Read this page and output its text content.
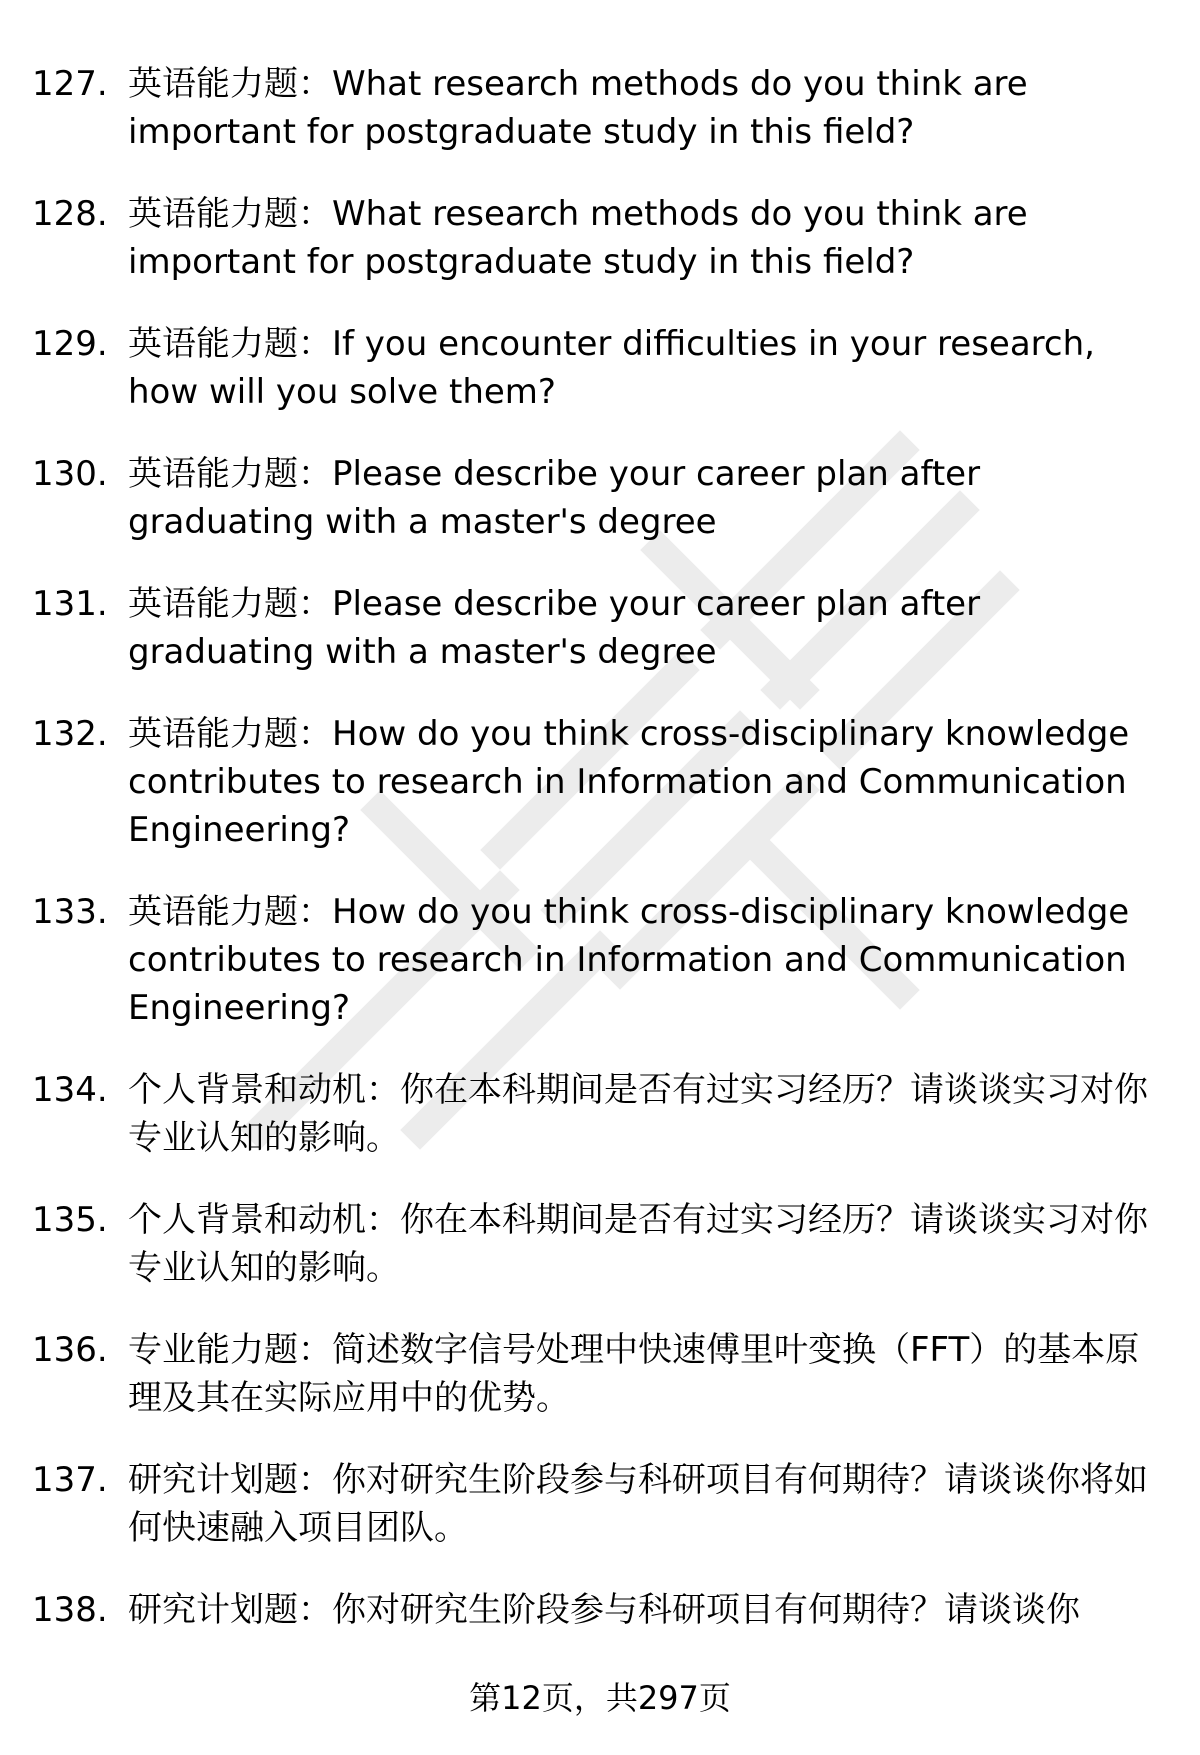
127. 英语能力题：What research methods do you think are important for postgraduate study in this field?
128. 英语能力题：What research methods do you think are important for postgraduate study in this field?
129. 英语能力题：If you encounter difficulties in your research, how will you solve them?
130. 英语能力题：Please describe your career plan after graduating with a master's degree
131. 英语能力题：Please describe your career plan after graduating with a master's degree
132. 英语能力题：How do you think cross-disciplinary knowledge contributes to research in Information and Communication Engineering?
133. 英语能力题：How do you think cross-disciplinary knowledge contributes to research in Information and Communication Engineering?
134. 个人背景和动机：你在本科期间是否有过实习经历？请谈谈实习对你专业认知的影响。
135. 个人背景和动机：你在本科期间是否有过实习经历？请谈谈实习对你专业认知的影响。
136. 专业能力题：简述数字信号处理中快速傅里叶变换（FFT）的基本原理及其在实际应用中的优势。
137. 研究计划题：你对研究生阶段参与科研项目有何期待？请谈谈你将如何快速融入项目团队。
138. 研究计划题：你对研究生阶段参与科研项目有何期待？请谈谈你
第12页，共297页
